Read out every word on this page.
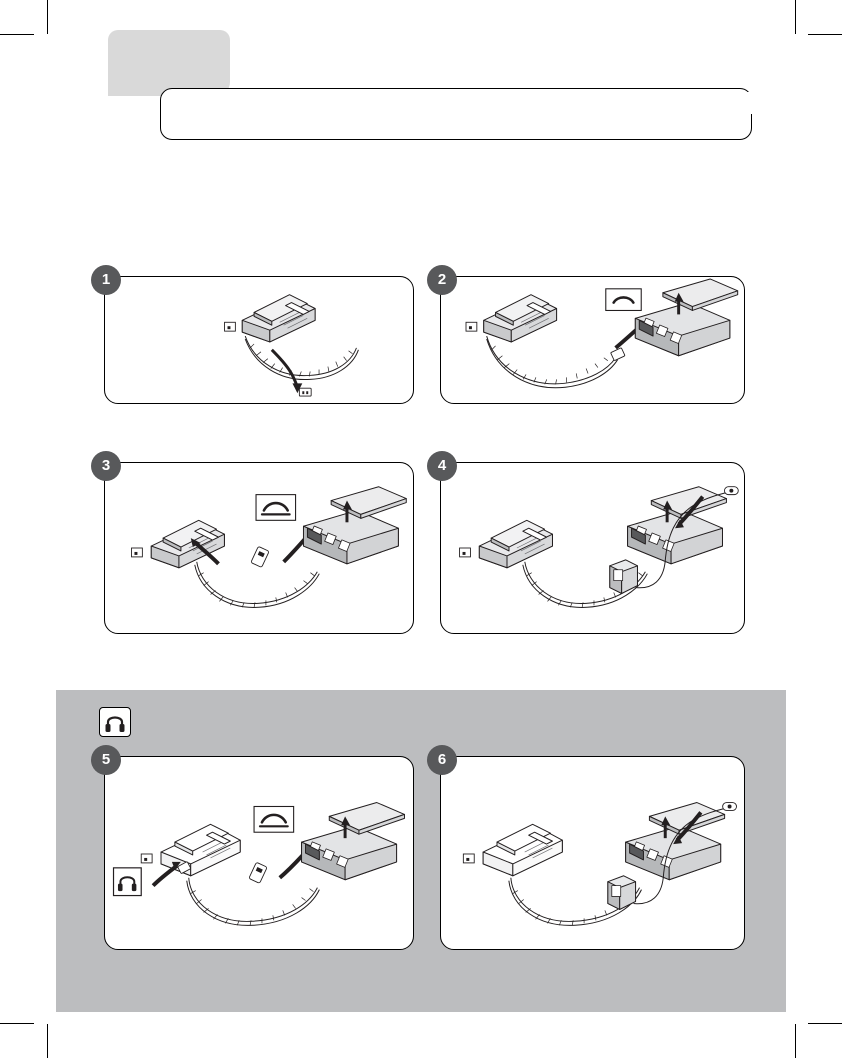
1	2
3	4
5	6
